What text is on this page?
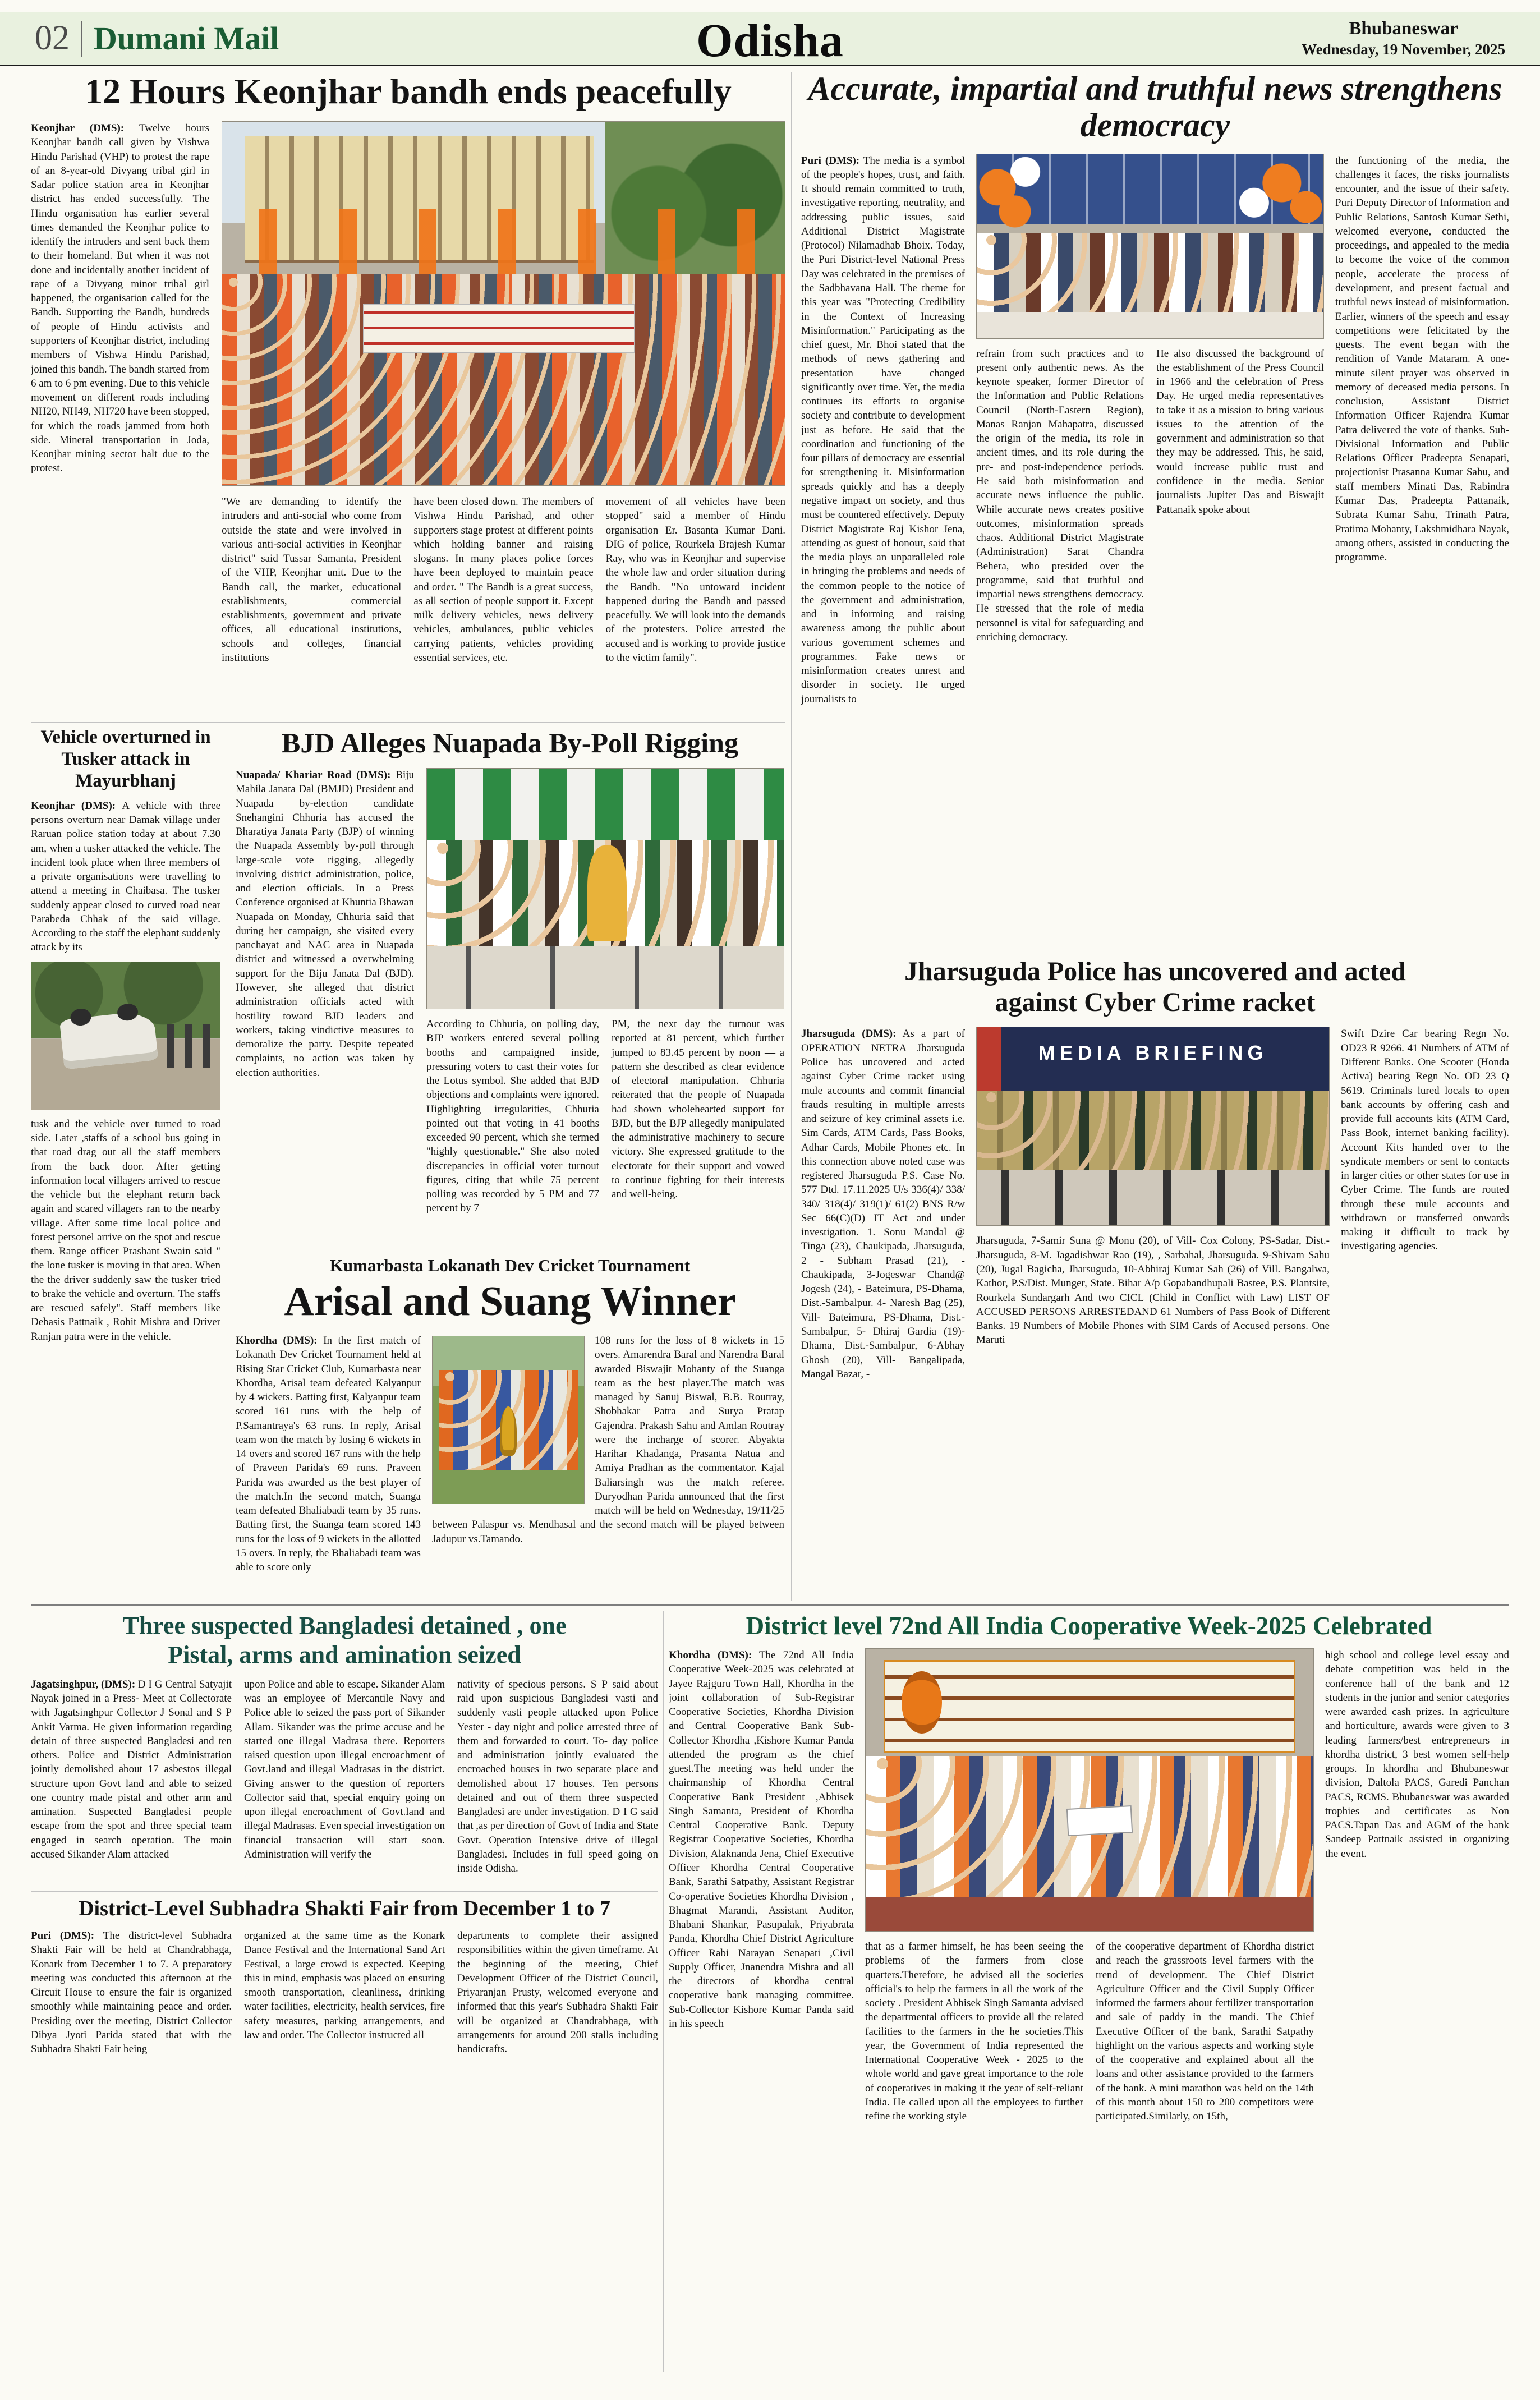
02 Dumani Mail	Odisha	Bhubaneswar
Wednesday, 19 November, 2025
12 Hours Keonjhar bandh ends peacefully
Keonjhar (DMS): Twelve hours Keonjhar bandh call given by Vishwa Hindu Parishad (VHP) to protest the rape of an 8-year-old Divyang tribal girl in Sadar police station area in Keonjhar district has ended successfully. The Hindu organisation has earlier several times demanded the Keonjhar police to identify the intruders and sent back them to their homeland. But when it was not done and incidentally another incident of rape of a Divyang minor tribal girl happened, the organisation called for the Bandh. Supporting the Bandh, hundreds of people of Hindu activists and supporters of Keonjhar district, including members of Vishwa Hindu Parishad, joined this bandh. The bandh started from 6 am to 6 pm evening. Due to this vehicle movement on different roads including NH20, NH49, NH720 have been stopped, for which the roads jammed from both side. Mineral transportation in Joda, Keonjhar mining sector halt due to the protest.
"We are demanding to identify the intruders and anti-social who come from outside the state and were involved in various anti-social activities in Keonjhar district" said Tussar Samanta, President of the VHP, Keonjhar unit. Due to the Bandh call, the market, educational establishments, commercial establishments, government and private offices, all educational institutions, schools and colleges, financial institutions
have been closed down. The members of Vishwa Hindu Parishad, and other supporters stage protest at different points which holding banner and raising slogans. In many places police forces have been deployed to maintain peace and order. " The Bandh is a great success, as all section of people support it. Except milk delivery vehicles, news delivery vehicles, ambulances, public vehicles carrying patients, vehicles providing essential services, etc.
movement of all vehicles have been stopped" said a member of Hindu organisation Er. Basanta Kumar Dani. DIG of police, Rourkela Brajesh Kumar Ray, who was in Keonjhar and supervise the whole law and order situation during the Bandh. "No untoward incident happened during the Bandh and passed peacefully. We will look into the demands of the protesters. Police arrested the accused and is working to provide justice to the victim family".
Accurate, impartial and truthful news strengthens democracy
Puri (DMS): The media is a symbol of the people's hopes, trust, and faith. It should remain committed to truth, investigative reporting, neutrality, and addressing public issues, said Additional District Magistrate (Protocol) Nilamadhab Bhoix. Today, the Puri District-level National Press Day was celebrated in the premises of the Sadbhavana Hall. The theme for this year was "Protecting Credibility in the Context of Increasing Misinformation." Participating as the chief guest, Mr. Bhoi stated that the methods of news gathering and presentation have changed significantly over time. Yet, the media continues its efforts to organise society and contribute to development just as before. He said that the coordination and functioning of the four pillars of democracy are essential for strengthening it. Misinformation spreads quickly and has a deeply negative impact on society, and thus must be countered effectively. Deputy District Magistrate Raj Kishor Jena, attending as guest of honour, said that the media plays an unparalleled role in bringing the problems and needs of the common people to the notice of the government and administration, and in informing and raising awareness among the public about various government schemes and programmes. Fake news or misinformation creates unrest and disorder in society. He urged journalists to
refrain from such practices and to present only authentic news. As the keynote speaker, former Director of the Information and Public Relations Council (North-Eastern Region), Manas Ranjan Mahapatra, discussed the origin of the media, its role in ancient times, and its role during the pre- and post-independence periods. He said both misinformation and accurate news influence the public. While accurate news creates positive outcomes, misinformation spreads chaos. Additional District Magistrate (Administration) Sarat Chandra Behera, who presided over the programme, said that truthful and impartial news strengthens democracy. He stressed that the role of media personnel is vital for safeguarding and enriching democracy.
He also discussed the background of the establishment of the Press Council in 1966 and the celebration of Press Day. He urged media representatives to take it as a mission to bring various issues to the attention of the government and administration so that they may be addressed. This, he said, would increase public trust and confidence in the media. Senior journalists Jupiter Das and Biswajit Pattanaik spoke about
the functioning of the media, the challenges it faces, the risks journalists encounter, and the issue of their safety. Puri Deputy Director of Information and Public Relations, Santosh Kumar Sethi, welcomed everyone, conducted the proceedings, and appealed to the media to become the voice of the common people, accelerate the process of development, and present factual and truthful news instead of misinformation. Earlier, winners of the speech and essay competitions were felicitated by the guests. The event began with the rendition of Vande Mataram. A one-minute silent prayer was observed in memory of deceased media persons. In conclusion, Assistant District Information Officer Rajendra Kumar Patra delivered the vote of thanks. Sub-Divisional Information and Public Relations Officer Pradeepta Senapati, projectionist Prasanna Kumar Sahu, and staff members Minati Das, Rabindra Kumar Das, Pradeepta Pattanaik, Subrata Kumar Sahu, Trinath Patra, Pratima Mohanty, Lakshmidhara Nayak, among others, assisted in conducting the programme.
Vehicle overturned in Tusker attack in Mayurbhanj
Keonjhar (DMS): A vehicle with three persons overturn near Damak village under Raruan police station today at about 7.30 am, when a tusker attacked the vehicle. The incident took place when three members of a private organisations were travelling to attend a meeting in Chaibasa. The tusker suddenly appear closed to curved road near Parabeda Chhak of the said village. According to the staff the elephant suddenly attack by its
tusk and the vehicle over turned to road side. Later ,staffs of a school bus going in that road drag out all the staff members from the back door. After getting information local villagers arrived to rescue the vehicle but the elephant return back again and scared villagers ran to the nearby village. After some time local police and forest personel arrive on the spot and rescue them. Range officer Prashant Swain said " the lone tusker is moving in that area. When the the driver suddenly saw the tusker tried to brake the vehicle and overturn. The staffs are rescued safely". Staff members like Debasis Pattnaik , Rohit Mishra and Driver Ranjan patra were in the vehicle.
BJD Alleges Nuapada By-Poll Rigging
Nuapada/ Khariar Road (DMS): Biju Mahila Janata Dal (BMJD) President and Nuapada by-election candidate Snehangini Chhuria has accused the Bharatiya Janata Party (BJP) of winning the Nuapada Assembly by-poll through large-scale vote rigging, allegedly involving district administration, police, and election officials. In a Press Conference organised at Khuntia Bhawan Nuapada on Monday, Chhuria said that during her campaign, she visited every panchayat and NAC area in Nuapada district and witnessed a overwhelming support for the Biju Janata Dal (BJD). However, she alleged that district administration officials acted with hostility toward BJD leaders and workers, taking vindictive measures to demoralize the party. Despite repeated complaints, no action was taken by election authorities.
According to Chhuria, on polling day, BJP workers entered several polling booths and campaigned inside, pressuring voters to cast their votes for the Lotus symbol. She added that BJD objections and complaints were ignored. Highlighting irregularities, Chhuria pointed out that voting in 41 booths exceeded 90 percent, which she termed "highly questionable." She also noted discrepancies in official voter turnout figures, citing that while 75 percent polling was recorded by 5 PM and 77 percent by 7
PM, the next day the turnout was reported at 81 percent, which further jumped to 83.45 percent by noon — a pattern she described as clear evidence of electoral manipulation. Chhuria reiterated that the people of Nuapada had shown wholehearted support for BJD, but the BJP allegedly manipulated the administrative machinery to secure victory. She expressed gratitude to the electorate for their support and vowed to continue fighting for their interests and well-being.
Kumarbasta Lokanath Dev Cricket Tournament
Arisal and Suang Winner
Khordha (DMS): In the first match of Lokanath Dev Cricket Tournament held at Rising Star Cricket Club, Kumarbasta near Khordha, Arisal team defeated Kalyanpur by 4 wickets. Batting first, Kalyanpur team scored 161 runs with the help of P.Samantraya's 63 runs. In reply, Arisal team won the match by losing 6 wickets in 14 overs and scored 167 runs with the help of Praveen Parida's 69 runs. Praveen Parida was awarded as the best player of the match.In the second match, Suanga team defeated Bhaliabadi team by 35 runs. Batting first, the Suanga team scored 143 runs for the loss of 9 wickets in the allotted 15 overs. In reply, the Bhaliabadi team was able to score only
108 runs for the loss of 8 wickets in 15 overs. Amarendra Baral and Narendra Baral awarded Biswajit Mohanty of the Suanga team as the best player.The match was managed by Sanuj Biswal, B.B. Routray, Shobhakar Patra and Surya Pratap Gajendra. Prakash Sahu and Amlan Routray were the incharge of scorer. Abyakta Harihar Khadanga, Prasanta Natua and Amiya Pradhan as the commentator. Kajal Baliarsingh was the match referee. Duryodhan Parida announced that the first match will be held on Wednesday, 19/11/25 between Palaspur vs. Mendhasal and the second match will be played between Jadupur vs.Tamando.
Jharsuguda Police has uncovered and acted against Cyber Crime racket
Jharsuguda (DMS): As a part of OPERATION NETRA Jharsuguda Police has uncovered and acted against Cyber Crime racket using mule accounts and commit financial frauds resulting in multiple arrests and seizure of key criminal assets i.e. Sim Cards, ATM Cards, Pass Books, Adhar Cards, Mobile Phones etc. In this connection above noted case was registered Jharsuguda P.S. Case No. 577 Dtd. 17.11.2025 U/s 336(4)/ 338/ 340/ 318(4)/ 319(1)/ 61(2) BNS R/w Sec 66(C)(D) IT Act and under investigation. 1. Sonu Mandal @ Tinga (23), Chaukipada, Jharsuguda, 2 - Subham Prasad (21), - Chaukipada, 3-Jogeswar Chand@ Jogesh (24), - Bateimura, PS-Dhama, Dist.-Sambalpur. 4- Naresh Bag (25), Vill- Bateimura, PS-Dhama, Dist.-Sambalpur, 5- Dhiraj Gardia (19)-Dhama, Dist.-Sambalpur, 6-Abhay Ghosh (20), Vill- Bangalipada, Mangal Bazar, -
MEDIA BRIEFING
Jharsuguda, 7-Samir Suna @ Monu (20), of Vill- Cox Colony, PS-Sadar, Dist.-Jharsuguda, 8-M. Jagadishwar Rao (19), , Sarbahal, Jharsuguda. 9-Shivam Sahu (20), Jugal Bagicha, Jharsuguda, 10-Abhiraj Kumar Sah (26) of Vill. Bangalwa, Kathor, P.S/Dist. Munger, State. Bihar A/p Gopabandhupali Bastee, P.S. Plantsite, Rourkela Sundargarh And two CICL (Child in Conflict with Law) LIST OF ACCUSED PERSONS ARRESTEDAND 61 Numbers of Pass Book of Different Banks. 19 Numbers of Mobile Phones with SIM Cards of Accused persons. One Maruti
Swift Dzire Car bearing Regn No. OD23 R 9266. 41 Numbers of ATM of Different Banks. One Scooter (Honda Activa) bearing Regn No. OD 23 Q 5619. Criminals lured locals to open bank accounts by offering cash and provide full accounts kits (ATM Card, Pass Book, internet banking facility). Account Kits handed over to the syndicate members or sent to contacts in larger cities or other states for use in Cyber Crime. The funds are routed through these mule accounts and withdrawn or transferred onwards making it difficult to track by investigating agencies.
Three suspected Bangladesi detained , one Pistal, arms and amination seized
Jagatsinghpur, (DMS): D I G Central Satyajit Nayak joined in a Press- Meet at Collectorate with Jagatsinghpur Collector J Sonal and S P Ankit Varma. He given information regarding detain of three suspected Bangladesi and ten others. Police and District Administration jointly demolished about 17 asbestos illegal structure upon Govt land and able to seized one country made pistal and other arm and amination. Suspected Bangladesi people escape from the spot and three special team engaged in search operation. The main accused Sikander Alam attacked
upon Police and able to escape. Sikander Alam was an employee of Mercantile Navy and Police able to seized the pass port of Sikander Allam. Sikander was the prime accuse and he started one illegal Madrasa there. Reporters raised question upon illegal encroachment of Govt.land and illegal Madrasas in the district. Giving answer to the question of reporters Collector said that, special enquiry going on upon illegal encroachment of Govt.land and illegal Madrasas. Even special investigation on financial transaction will start soon. Administration will verify the
nativity of specious persons. S P said about raid upon suspicious Bangladesi vasti and suddenly vasti people attacked upon Police Yester - day night and police arrested three of them and forwarded to court. To- day police and administration jointly evaluated the encroached houses in two separate place and demolished about 17 houses. Ten persons detained and out of them three suspected Bangladesi are under investigation. D I G said that ,as per direction of Govt of India and State Govt. Operation Intensive drive of illegal Bangladesi. Includes in full speed going on inside Odisha.
District-Level Subhadra Shakti Fair from December 1 to 7
Puri (DMS): The district-level Subhadra Shakti Fair will be held at Chandrabhaga, Konark from December 1 to 7. A preparatory meeting was conducted this afternoon at the Circuit House to ensure the fair is organized smoothly while maintaining peace and order. Presiding over the meeting, District Collector Dibya Jyoti Parida stated that with the Subhadra Shakti Fair being
organized at the same time as the Konark Dance Festival and the International Sand Art Festival, a large crowd is expected. Keeping this in mind, emphasis was placed on ensuring smooth transportation, cleanliness, drinking water facilities, electricity, health services, fire safety measures, parking arrangements, and law and order. The Collector instructed all
departments to complete their assigned responsibilities within the given timeframe. At the beginning of the meeting, Chief Development Officer of the District Council, Priyaranjan Prusty, welcomed everyone and informed that this year's Subhadra Shakti Fair will be organized at Chandrabhaga, with arrangements for around 200 stalls including handicrafts.
District level 72nd All India Cooperative Week-2025 Celebrated
Khordha (DMS): The 72nd All India Cooperative Week-2025 was celebrated at Jayee Rajguru Town Hall, Khordha in the joint collaboration of Sub-Registrar Cooperative Societies, Khordha Division and Central Cooperative Bank Sub-Collector Khordha ,Kishore Kumar Panda attended the program as the chief guest.The meeting was held under the chairmanship of Khordha Central Cooperative Bank President ,Abhisek Singh Samanta, President of Khordha Central Cooperative Bank. Deputy Registrar Cooperative Societies, Khordha Division, Alaknanda Jena, Chief Executive Officer Khordha Central Cooperative Bank, Sarathi Satpathy, Assistant Registrar Co-operative Societies Khordha Division , Bhagmat Marandi, Assistant Auditor, Bhabani Shankar, Pasupalak, Priyabrata Panda, Khordha Chief District Agriculture Officer Rabi Narayan Senapati ,Civil Supply Officer, Jnanendra Mishra and all the directors of khordha central cooperative bank managing committee. Sub-Collector Kishore Kumar Panda said in his speech
that as a farmer himself, he has been seeing the problems of the farmers from close quarters.Therefore, he advised all the societies official's to help the farmers in all the work of the society . President Abhisek Singh Samanta advised the departmental officers to provide all the related facilities to the farmers in the he societies.This year, the Government of India represented the International Cooperative Week - 2025 to the whole world and gave great importance to the role of cooperatives in making it the year of self-reliant India. He called upon all the employees to further refine the working style
of the cooperative department of Khordha district and reach the grassroots level farmers with the trend of development. The Chief District Agriculture Officer and the Civil Supply Officer informed the farmers about fertilizer transportation and sale of paddy in the mandi. The Chief Executive Officer of the bank, Sarathi Satpathy highlight on the various aspects and working style of the cooperative and explained about all the loans and other assistance provided to the farmers of the bank. A mini marathon was held on the 14th of this month about 150 to 200 competitors were participated.Similarly, on 15th,
high school and college level essay and debate competition was held in the conference hall of the bank and 12 students in the junior and senior categories were awarded cash prizes. In agriculture and horticulture, awards were given to 3 leading farmers/best entrepreneurs in khordha district, 3 best women self-help groups. In khordha and Bhubaneswar division, Daltola PACS, Garedi Panchan PACS, RCMS. Bhubaneswar was awarded trophies and certificates as Non PACS.Tapan Das and AGM of the bank Sandeep Pattnaik assisted in organizing the event.
